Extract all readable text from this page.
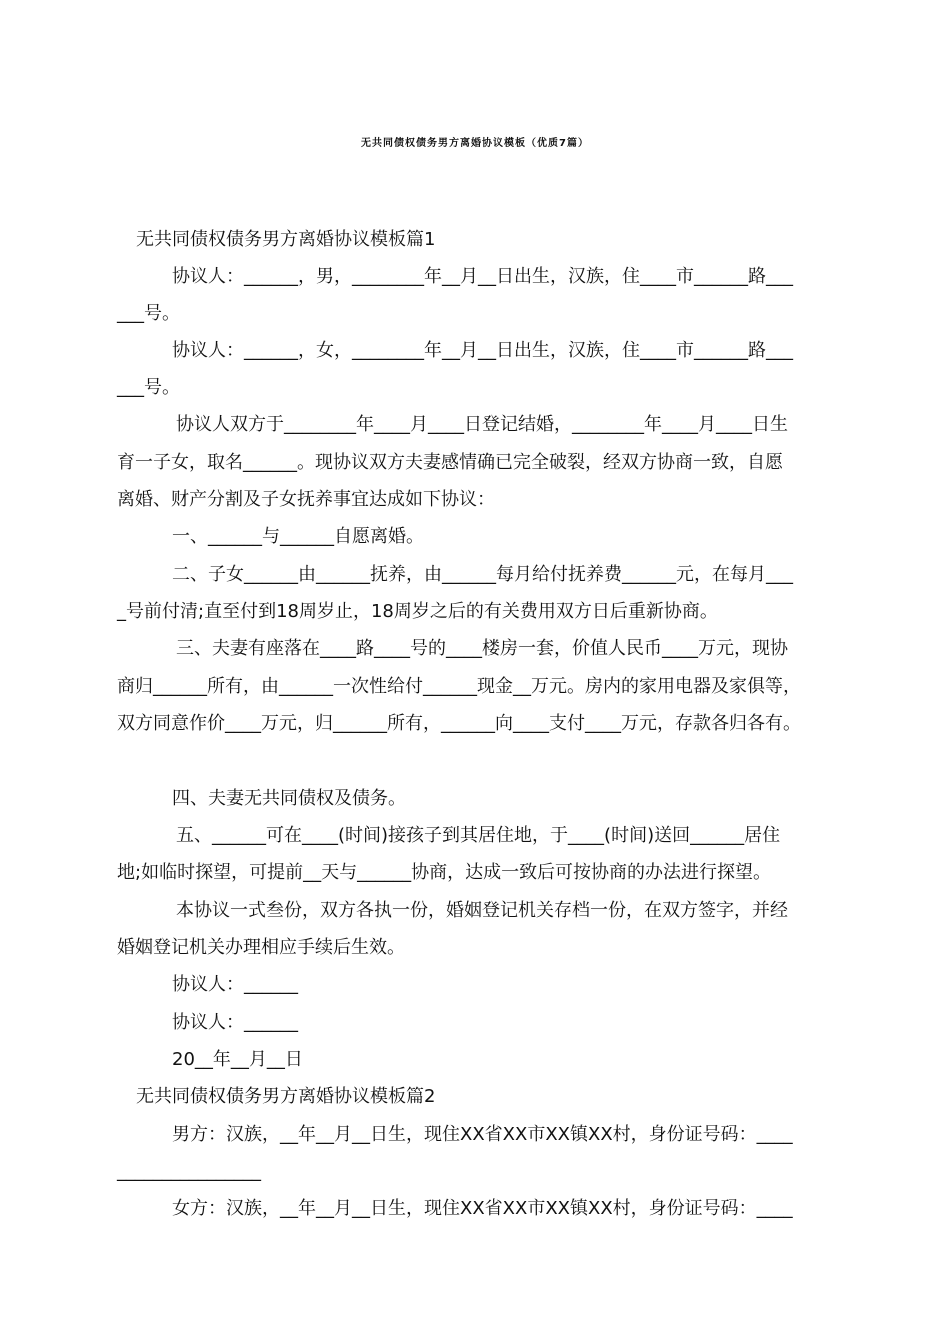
无共同债权债务男方离婚协议模板（优质7篇）
无共同债权债务男方离婚协议模板篇1
协议人：______，男，________年__月__日出生，汉族，住____市______路___
___号。
协议人：______，女，________年__月__日出生，汉族，住____市______路___
___号。
协议人双方于________年____月____日登记结婚，________年____月____日生
育一子女，取名______。现协议双方夫妻感情确已完全破裂，经双方协商一致，自愿
离婚、财产分割及子女抚养事宜达成如下协议：
一、______与______自愿离婚。
二、子女______由______抚养，由______每月给付抚养费______元，在每月___
_号前付清;直至付到18周岁止，18周岁之后的有关费用双方日后重新协商。
三、夫妻有座落在____路____号的____楼房一套，价值人民币____万元，现协
商归______所有，由______一次性给付______现金__万元。房内的家用电器及家俱等，
双方同意作价____万元，归______所有，______向____支付____万元，存款各归各有。
四、夫妻无共同债权及债务。
五、______可在____(时间)接孩子到其居住地，于____(时间)送回______居住
地;如临时探望，可提前__天与______协商，达成一致后可按协商的办法进行探望。
本协议一式叁份，双方各执一份，婚姻登记机关存档一份，在双方签字，并经
婚姻登记机关办理相应手续后生效。
协议人：______
协议人：______
20__年__月__日
无共同债权债务男方离婚协议模板篇2
男方：汉族，__年__月__日生，现住XX省XX市XX镇XX村，身份证号码：____
________________
女方：汉族，__年__月__日生，现住XX省XX市XX镇XX村，身份证号码：____
